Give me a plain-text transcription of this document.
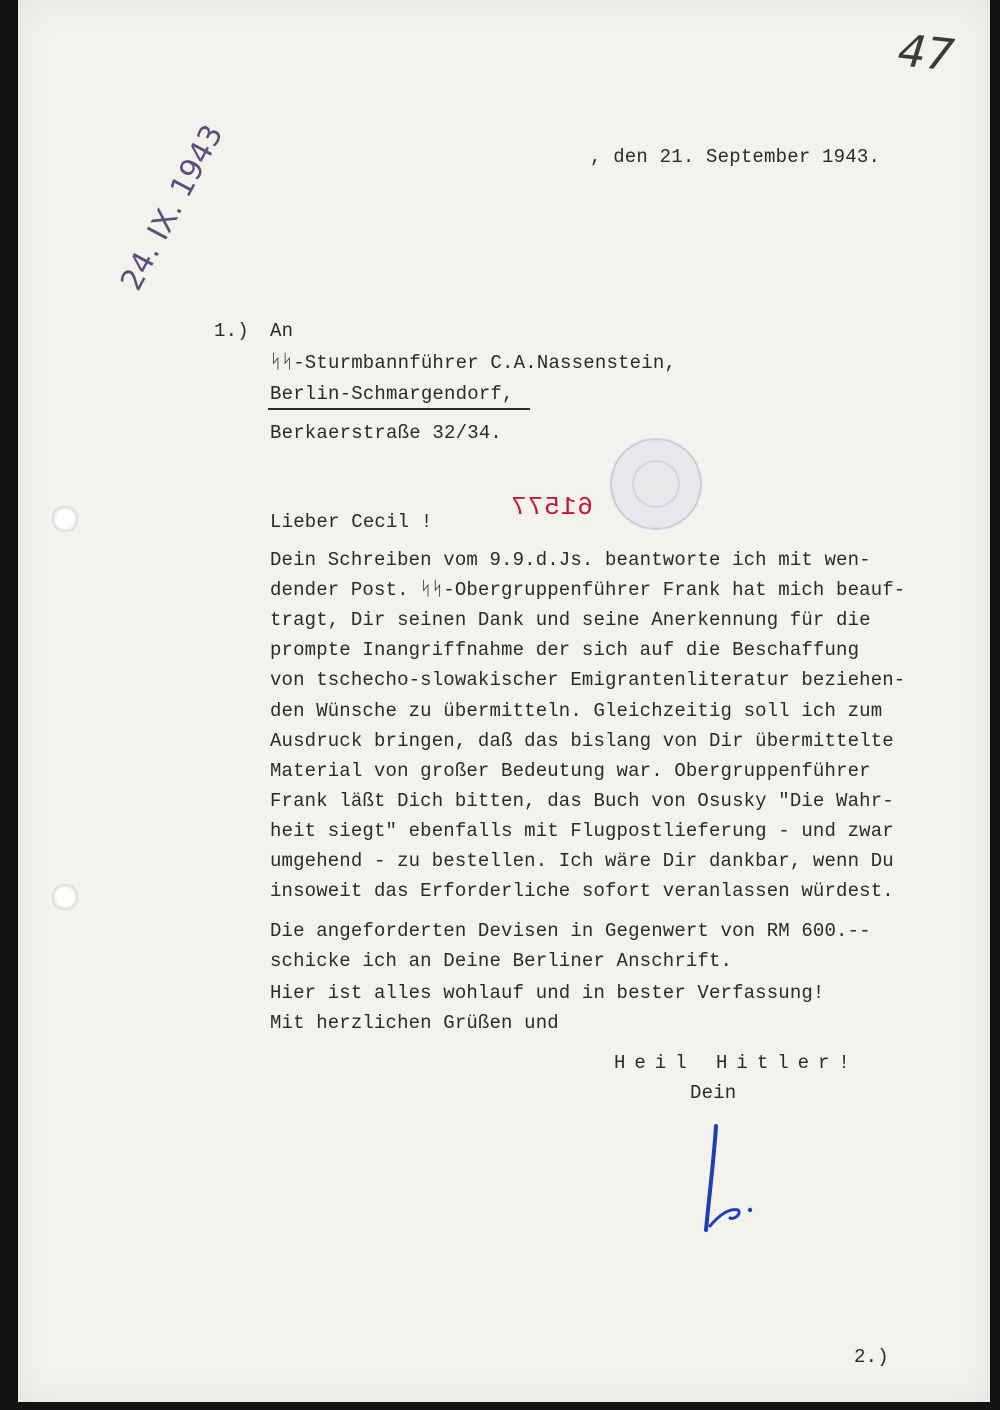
47
, den 21. September 1943.
24. IX. 1943
1.) An
ᛋᛋ-Sturmbannführer C.A.Nassenstein,
Berlin-Schmargendorf,
Berkaerstraße 32/34.
61577
Lieber Cecil !
Dein Schreiben vom 9.9.d.Js. beantworte ich mit wen-
dender Post. ᛋᛋ-Obergruppenführer Frank hat mich beauf-
tragt, Dir seinen Dank und seine Anerkennung für die
prompte Inangriffnahme der sich auf die Beschaffung
von tschecho-slowakischer Emigrantenliteratur beziehen-
den Wünsche zu übermitteln. Gleichzeitig soll ich zum
Ausdruck bringen, daß das bislang von Dir übermittelte
Material von großer Bedeutung war. Obergruppenführer
Frank läßt Dich bitten, das Buch von Osusky "Die Wahr-
heit siegt" ebenfalls mit Flugpostlieferung - und zwar
umgehend - zu bestellen. Ich wäre Dir dankbar, wenn Du
insoweit das Erforderliche sofort veranlassen würdest.
Die angeforderten Devisen in Gegenwert von RM 600.--
schicke ich an Deine Berliner Anschrift.
Hier ist alles wohlauf und in bester Verfassung!
Mit herzlichen Grüßen und
Heil Hitler!
Dein
2.)
